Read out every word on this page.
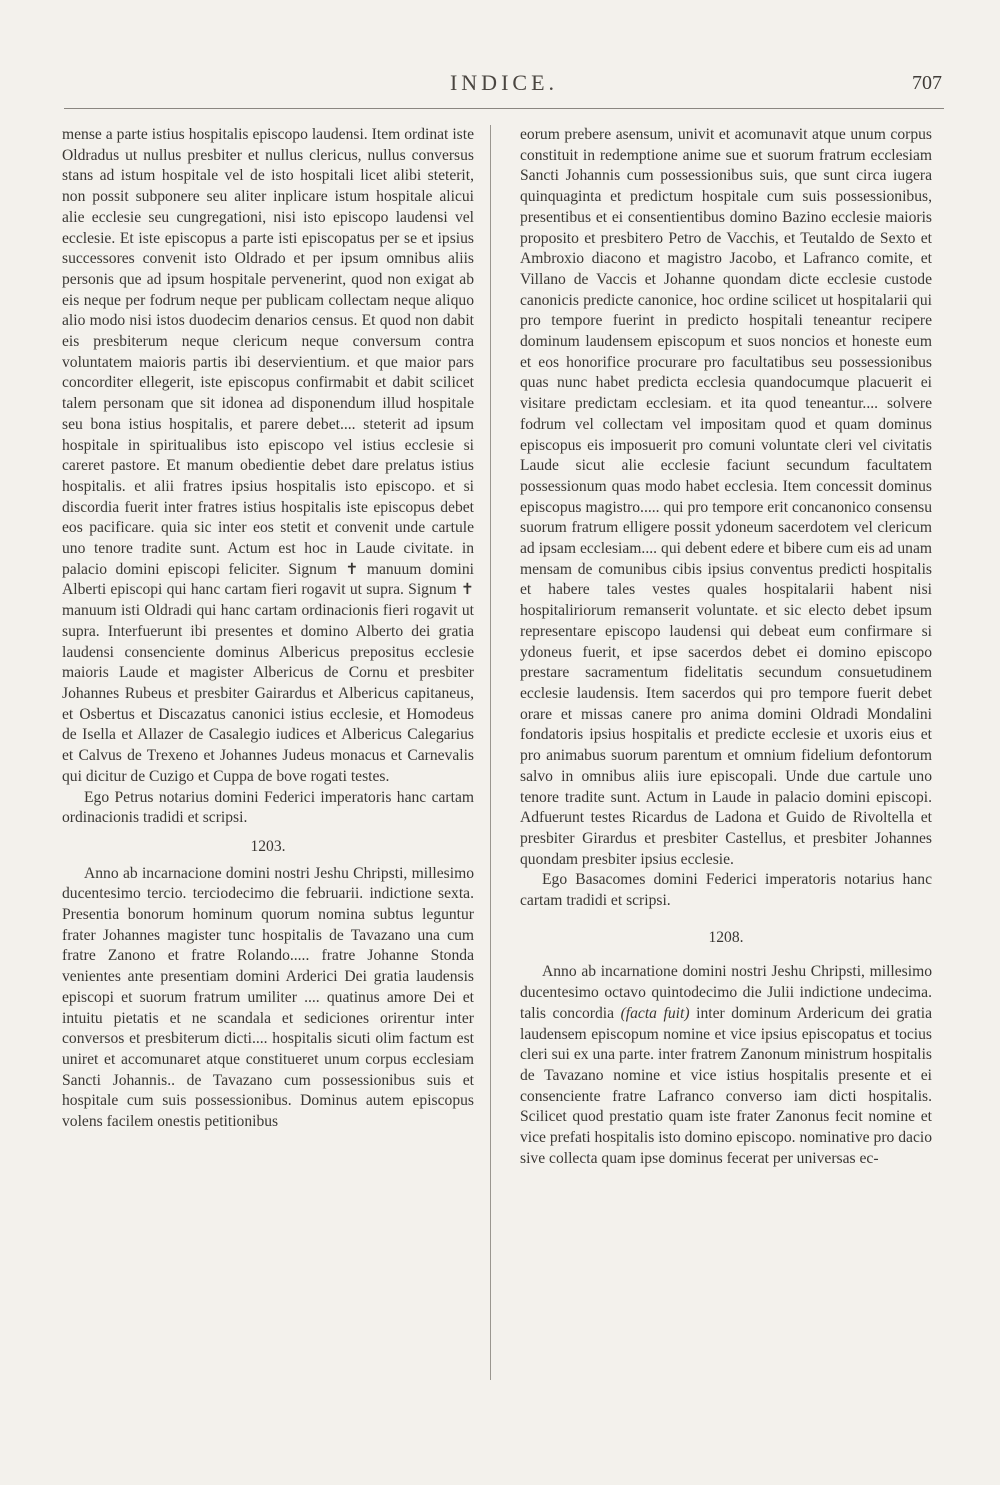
INDICE.	707

mense a parte istius hospitalis episcopo laudensi. Item ordinat iste Oldradus ut nullus presbiter et nullus clericus, nullus conversus stans ad istum hospitale vel de isto hospitali licet alibi steterit, non possit subponere seu aliter inplicare istum hospitale alicui alie ecclesie seu cungregationi, nisi isto episcopo laudensi vel ecclesie. Et iste episcopus a parte isti episcopatus per se et ipsius successores convenit isto Oldrado et per ipsum omnibus aliis personis que ad ipsum hospitale pervenerint, quod non exigat ab eis neque per fodrum neque per publicam collectam neque aliquo alio modo nisi istos duodecim denarios census. Et quod non dabit eis presbiterum neque clericum neque conversum contra voluntatem maioris partis ibi deservientium. et que maior pars concorditer ellegerit, iste episcopus confirmabit et dabit scilicet talem personam que sit idonea ad disponendum illud hospitale seu bona istius hospitalis, et parere debet.... steterit ad ipsum hospitale in spiritualibus isto episcopo vel istius ecclesie si careret pastore. Et manum obedientie debet dare prelatus istius hospitalis. et alii fratres ipsius hospitalis isto episcopo. et si discordia fuerit inter fratres istius hospitalis iste episcopus debet eos pacificare. quia sic inter eos stetit et convenit unde cartule uno tenore tradite sunt. Actum est hoc in Laude civitate. in palacio domini episcopi feliciter. Signum ✝ manuum domini Alberti episcopi qui hanc cartam fieri rogavit ut supra. Signum ✝ manuum isti Oldradi qui hanc cartam ordinacionis fieri rogavit ut supra. Interfuerunt ibi presentes et domino Alberto dei gratia laudensi consenciente dominus Albericus prepositus ecclesie maioris Laude et magister Albericus de Cornu et presbiter Johannes Rubeus et presbiter Gairardus et Albericus capitaneus, et Osbertus et Discazatus canonici istius ecclesie, et Homodeus de Isella et Allazer de Casalegio iudices et Albericus Calegarius et Calvus de Trexeno et Johannes Judeus monacus et Carnevalis qui dicitur de Cuzigo et Cuppa de bove rogati testes.

Ego Petrus notarius domini Federici imperatoris hanc cartam ordinacionis tradidi et scripsi.

1203.

Anno ab incarnacione domini nostri Jeshu Chripsti, millesimo ducentesimo tercio. terciodecimo die februarii. indictione sexta. Presentia bonorum hominum quorum nomina subtus leguntur frater Johannes magister tunc hospitalis de Tavazano una cum fratre Zanono et fratre Rolando..... fratre Johanne Stonda venientes ante presentiam domini Arderici Dei gratia laudensis episcopi et suorum fratrum umiliter .... quatinus amore Dei et intuitu pietatis et ne scandala et sediciones orirentur inter conversos et presbiterum dicti.... hospitalis sicuti olim factum est uniret et accomunaret atque constitueret unum corpus ecclesiam Sancti Johannis.. de Tavazano cum possessionibus suis et hospitale cum suis possessionibus. Dominus autem episcopus volens facilem onestis petitionibus

eorum prebere asensum, univit et acomunavit atque unum corpus constituit in redemptione anime sue et suorum fratrum ecclesiam Sancti Johannis cum possessionibus suis, que sunt circa iugera quinquaginta et predictum hospitale cum suis possessionibus, presentibus et ei consentientibus domino Bazino ecclesie maioris proposito et presbitero Petro de Vacchis, et Teutaldo de Sexto et Ambroxio diacono et magistro Jacobo, et Lafranco comite, et Villano de Vaccis et Johanne quondam dicte ecclesie custode canonicis predicte canonice, hoc ordine scilicet ut hospitalarii qui pro tempore fuerint in predicto hospitali teneantur recipere dominum laudensem episcopum et suos noncios et honeste eum et eos honorifice procurare pro facultatibus seu possessionibus quas nunc habet predicta ecclesia quandocumque placuerit ei visitare predictam ecclesiam. et ita quod teneantur.... solvere fodrum vel collectam vel impositam quod et quam dominus episcopus eis imposuerit pro comuni voluntate cleri vel civitatis Laude sicut alie ecclesie faciunt secundum facultatem possessionum quas modo habet ecclesia. Item concessit dominus episcopus magistro..... qui pro tempore erit concanonico consensu suorum fratrum elligere possit ydoneum sacerdotem vel clericum ad ipsam ecclesiam.... qui debent edere et bibere cum eis ad unam mensam de comunibus cibis ipsius conventus predicti hospitalis et habere tales vestes quales hospitalarii habent nisi hospitaliriorum remanserit voluntate. et sic electo debet ipsum representare episcopo laudensi qui debeat eum confirmare si ydoneus fuerit, et ipse sacerdos debet ei domino episcopo prestare sacramentum fidelitatis secundum consuetudinem ecclesie laudensis. Item sacerdos qui pro tempore fuerit debet orare et missas canere pro anima domini Oldradi Mondalini fondatoris ipsius hospitalis et predicte ecclesie et uxoris eius et pro animabus suorum parentum et omnium fidelium defontorum salvo in omnibus aliis iure episcopali. Unde due cartule uno tenore tradite sunt. Actum in Laude in palacio domini episcopi. Adfuerunt testes Ricardus de Ladona et Guido de Rivoltella et presbiter Girardus et presbiter Castellus, et presbiter Johannes quondam presbiter ipsius ecclesie.

Ego Basacomes domini Federici imperatoris notarius hanc cartam tradidi et scripsi.

1208.

Anno ab incarnatione domini nostri Jeshu Chripsti, millesimo ducentesimo octavo quintodecimo die Julii indictione undecima. talis concordia (facta fuit) inter dominum Ardericum dei gratia laudensem episcopum nomine et vice ipsius episcopatus et tocius cleri sui ex una parte. inter fratrem Zanonum ministrum hospitalis de Tavazano nomine et vice istius hospitalis presente et ei consenciente fratre Lafranco converso iam dicti hospitalis. Scilicet quod prestatio quam iste frater Zanonus fecit nomine et vice prefati hospitalis isto domino episcopo. nominative pro dacio sive collecta quam ipse dominus fecerat per universas ec-
